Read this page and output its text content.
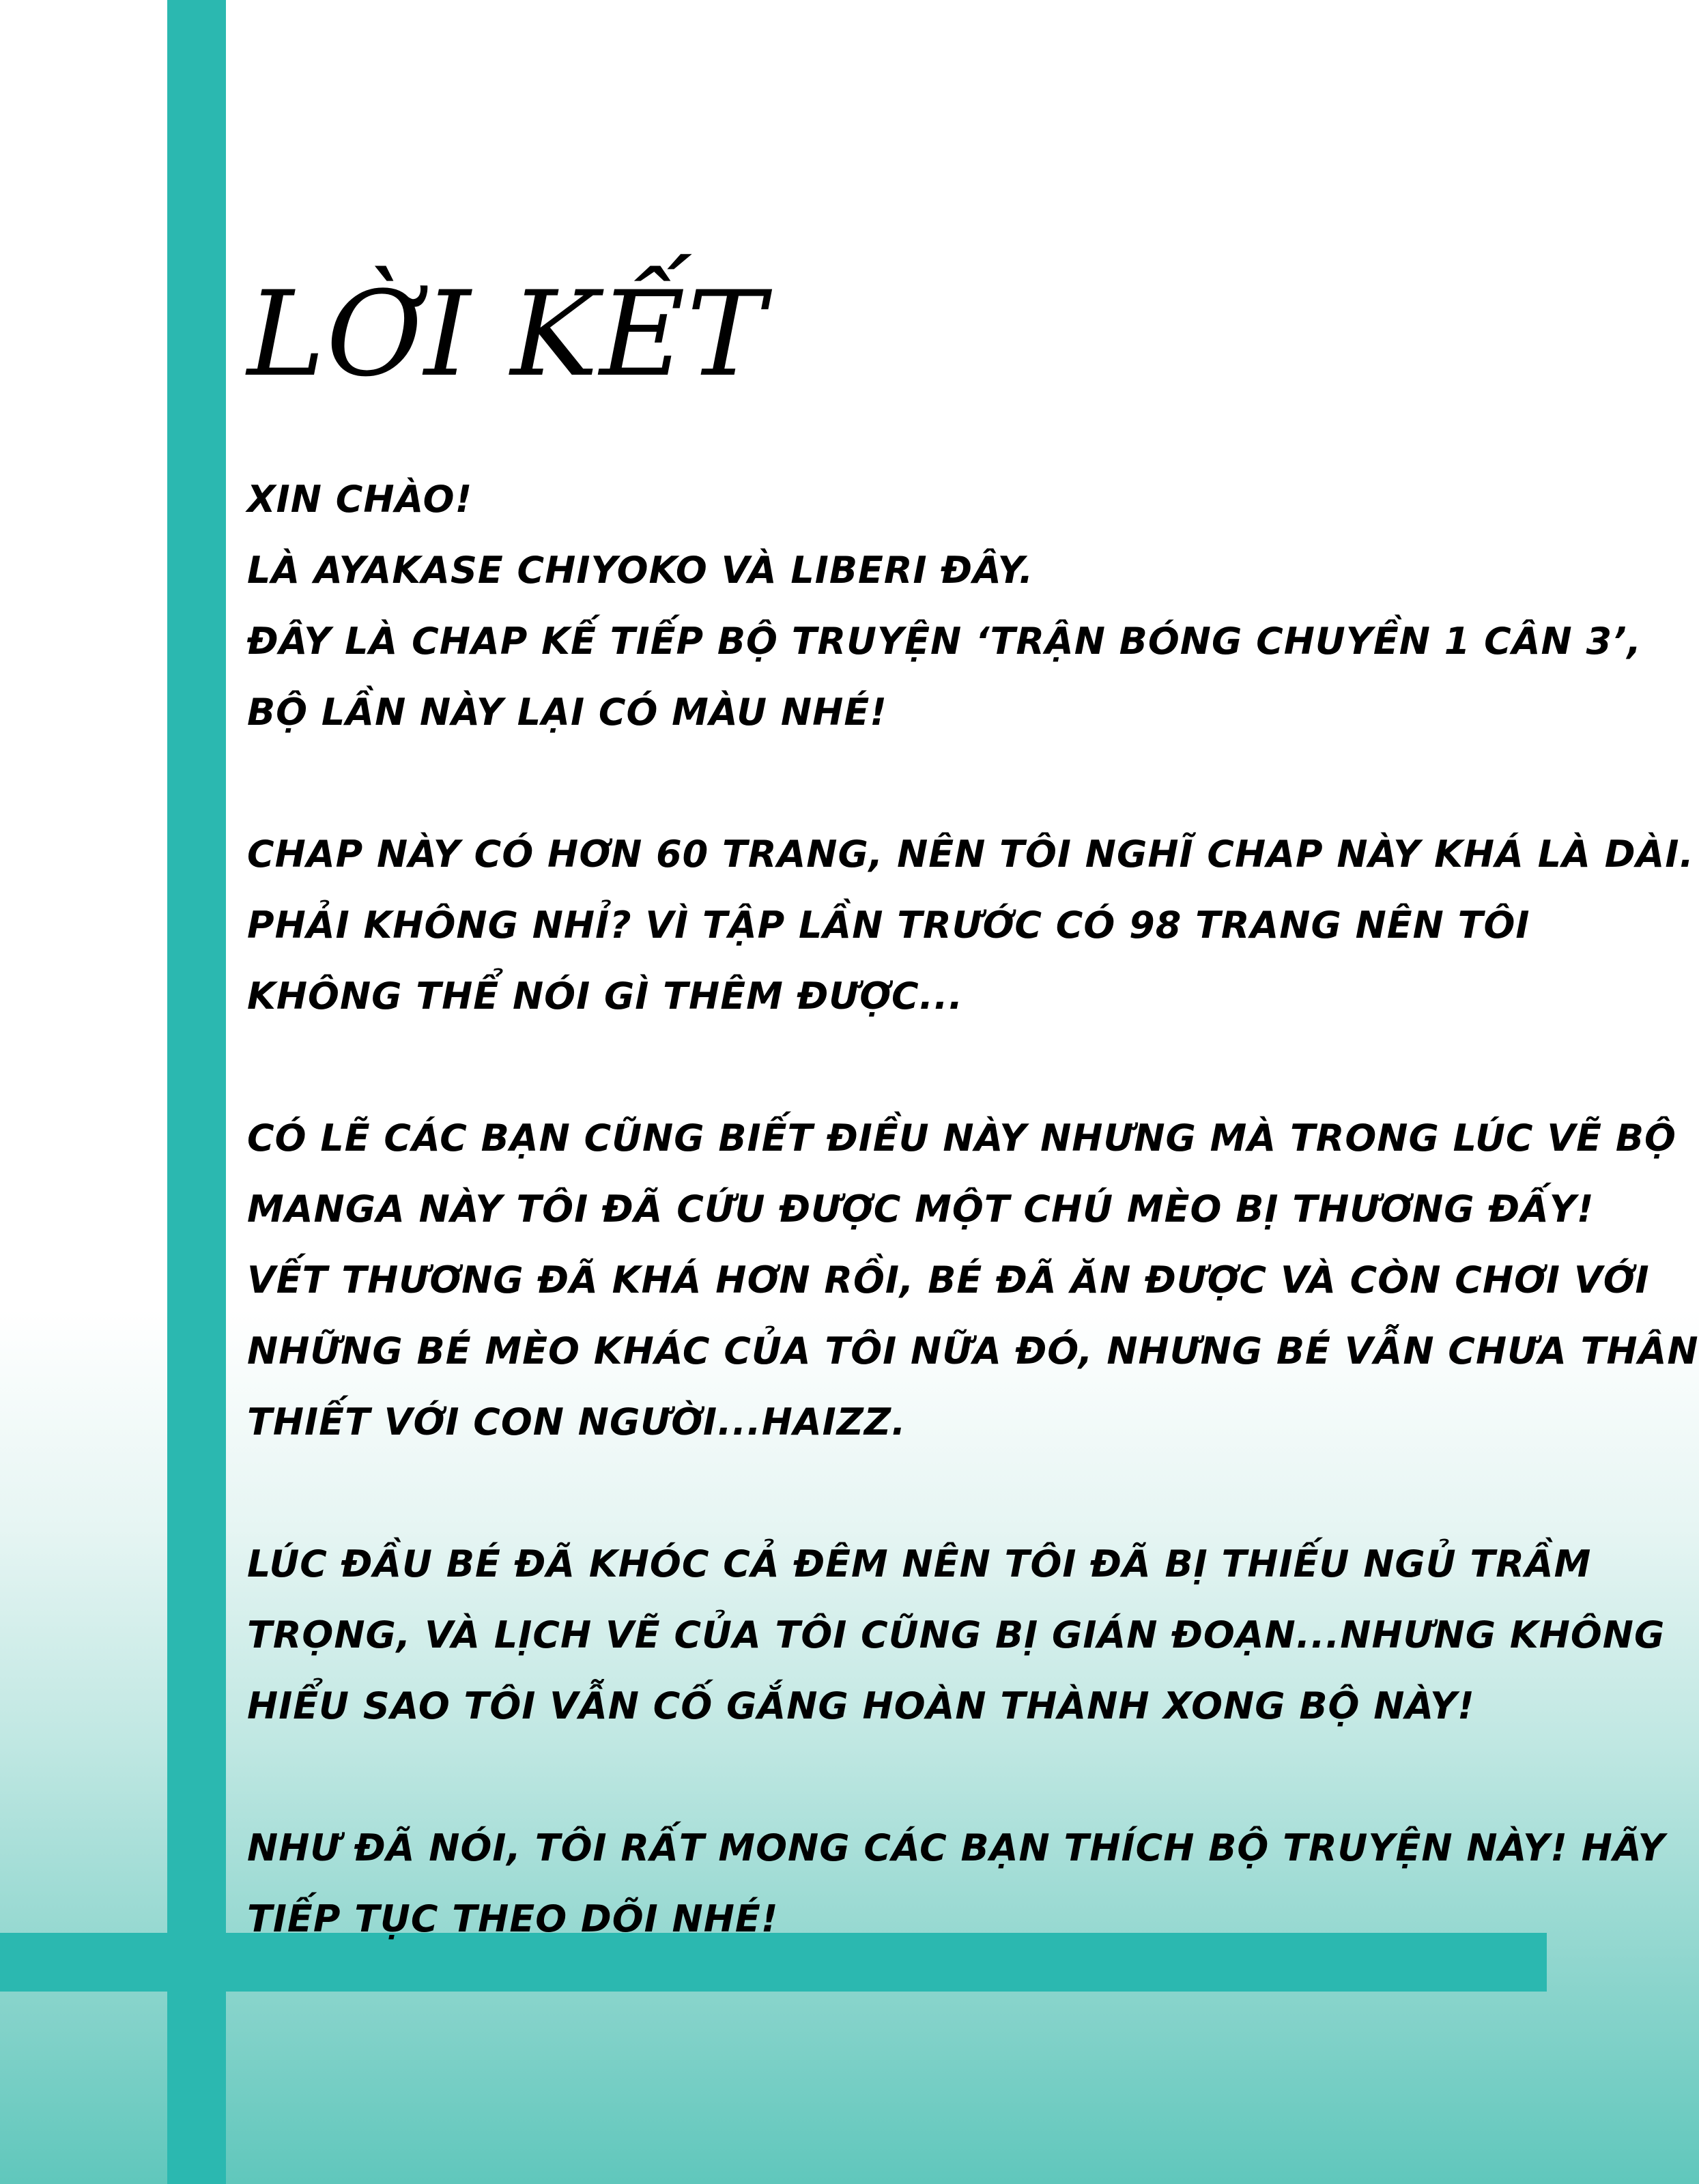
LỜI KẾT
XIN CHÀO!
LÀ AYAKASE CHIYOKO VÀ LIBERI ĐÂY.
ĐÂY LÀ CHAP KẾ TIẾP BỘ TRUYỆN ‘TRẬN BÓNG CHUYỀN 1 CÂN 3’,
BỘ LẦN NÀY LẠI CÓ MÀU NHÉ!
CHAP NÀY CÓ HƠN 60 TRANG, NÊN TÔI NGHĨ CHAP NÀY KHÁ LÀ DÀI.
PHẢI KHÔNG NHỈ? VÌ TẬP LẦN TRƯỚC CÓ 98 TRANG NÊN TÔI
KHÔNG THỂ NÓI GÌ THÊM ĐƯỢC...
CÓ LẼ CÁC BẠN CŨNG BIẾT ĐIỀU NÀY NHƯNG MÀ TRONG LÚC VẼ BỘ
MANGA NÀY TÔI ĐÃ CỨU ĐƯỢC MỘT CHÚ MÈO BỊ THƯƠNG ĐẤY!
VẾT THƯƠNG ĐÃ KHÁ HƠN RỒI, BÉ ĐÃ ĂN ĐƯỢC VÀ CÒN CHƠI VỚI
NHỮNG BÉ MÈO KHÁC CỦA TÔI NỮA ĐÓ, NHƯNG BÉ VẪN CHƯA THÂN
THIẾT VỚI CON NGƯỜI...HAIZZ.
LÚC ĐẦU BÉ ĐÃ KHÓC CẢ ĐÊM NÊN TÔI ĐÃ BỊ THIẾU NGỦ TRẦM
TRỌNG, VÀ LỊCH VẼ CỦA TÔI CŨNG BỊ GIÁN ĐOẠN...NHƯNG KHÔNG
HIỂU SAO TÔI VẪN CỐ GẮNG HOÀN THÀNH XONG BỘ NÀY!
NHƯ ĐÃ NÓI, TÔI RẤT MONG CÁC BẠN THÍCH BỘ TRUYỆN NÀY! HÃY
TIẾP TỤC THEO DÕI NHÉ!
